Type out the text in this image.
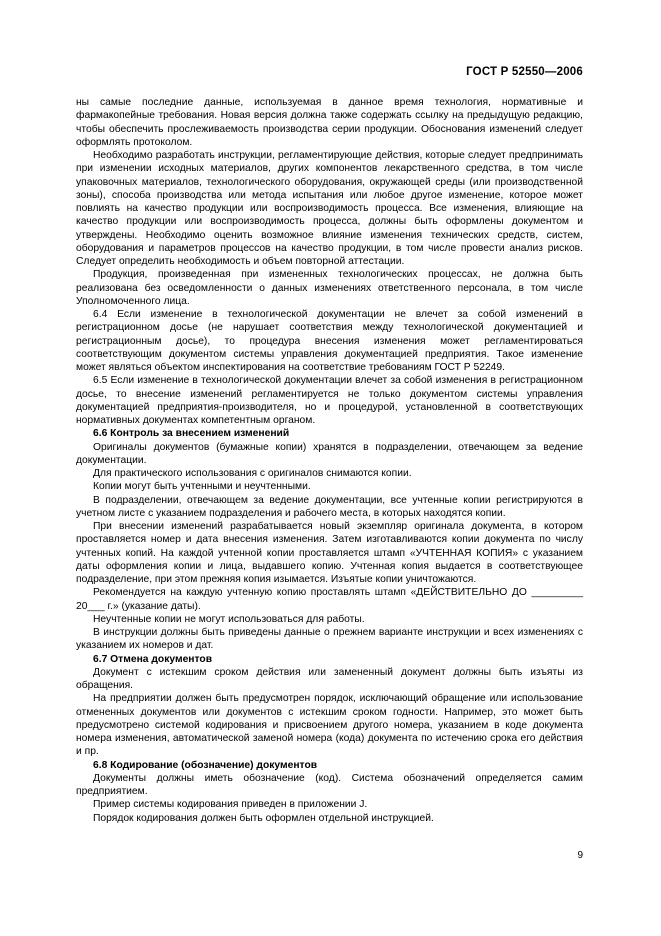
ГОСТ Р 52550—2006

ны самые последние данные, используемая в данное время технология, нормативные и фармакопейные требования. Новая версия должна также содержать ссылку на предыдущую редакцию, чтобы обеспечить прослеживаемость производства серии продукции. Обоснования изменений следует оформлять протоколом.

Необходимо разработать инструкции, регламентирующие действия, которые следует предпринимать при изменении исходных материалов, других компонентов лекарственного средства, в том числе упаковочных материалов, технологического оборудования, окружающей среды (или производственной зоны), способа производства или метода испытания или любое другое изменение, которое может повлиять на качество продукции или воспроизводимость процесса. Все изменения, влияющие на качество продукции или воспроизводимость процесса, должны быть оформлены документом и утверждены. Необходимо оценить возможное влияние изменения технических средств, систем, оборудования и параметров процессов на качество продукции, в том числе провести анализ рисков. Следует определить необходимость и объем повторной аттестации.

Продукция, произведенная при измененных технологических процессах, не должна быть реализована без осведомленности о данных изменениях ответственного персонала, в том числе Уполномоченного лица.

6.4 Если изменение в технологической документации не влечет за собой изменений в регистрационном досье (не нарушает соответствия между технологической документацией и регистрационным досье), то процедура внесения изменения может регламентироваться соответствующим документом системы управления документацией предприятия. Такое изменение может являться объектом инспектирования на соответствие требованиям ГОСТ Р 52249.

6.5 Если изменение в технологической документации влечет за собой изменения в регистрационном досье, то внесение изменений регламентируется не только документом системы управления документацией предприятия-производителя, но и процедурой, установленной в соответствующих нормативных документах компетентным органом.

6.6 Контроль за внесением изменений

Оригиналы документов (бумажные копии) хранятся в подразделении, отвечающем за ведение документации.

Для практического использования с оригиналов снимаются копии.

Копии могут быть учтенными и неучтенными.

В подразделении, отвечающем за ведение документации, все учтенные копии регистрируются в учетном листе с указанием подразделения и рабочего места, в которых находятся копии.

При внесении изменений разрабатывается новый экземпляр оригинала документа, в котором проставляется номер и дата внесения изменения. Затем изготавливаются копии документа по числу учтенных копий. На каждой учтенной копии проставляется штамп «УЧТЕННАЯ КОПИЯ» с указанием даты оформления копии и лица, выдавшего копию. Учтенная копия выдается в соответствующее подразделение, при этом прежняя копия изымается. Изъятые копии уничтожаются.

Рекомендуется на каждую учтенную копию проставлять штамп «ДЕЙСТВИТЕЛЬНО ДО _________ 20___ г.» (указание даты).

Неучтенные копии не могут использоваться для работы.

В инструкции должны быть приведены данные о прежнем варианте инструкции и всех изменениях с указанием их номеров и дат.

6.7 Отмена документов

Документ с истекшим сроком действия или замененный документ должны быть изъяты из обращения.

На предприятии должен быть предусмотрен порядок, исключающий обращение или использование отмененных документов или документов с истекшим сроком годности. Например, это может быть предусмотрено системой кодирования и присвоением другого номера, указанием в коде документа номера изменения, автоматической заменой номера (кода) документа по истечению срока его действия и пр.

6.8 Кодирование (обозначение) документов

Документы должны иметь обозначение (код). Система обозначений определяется самим предприятием.

Пример системы кодирования приведен в приложении J.

Порядок кодирования должен быть оформлен отдельной инструкцией.

9
